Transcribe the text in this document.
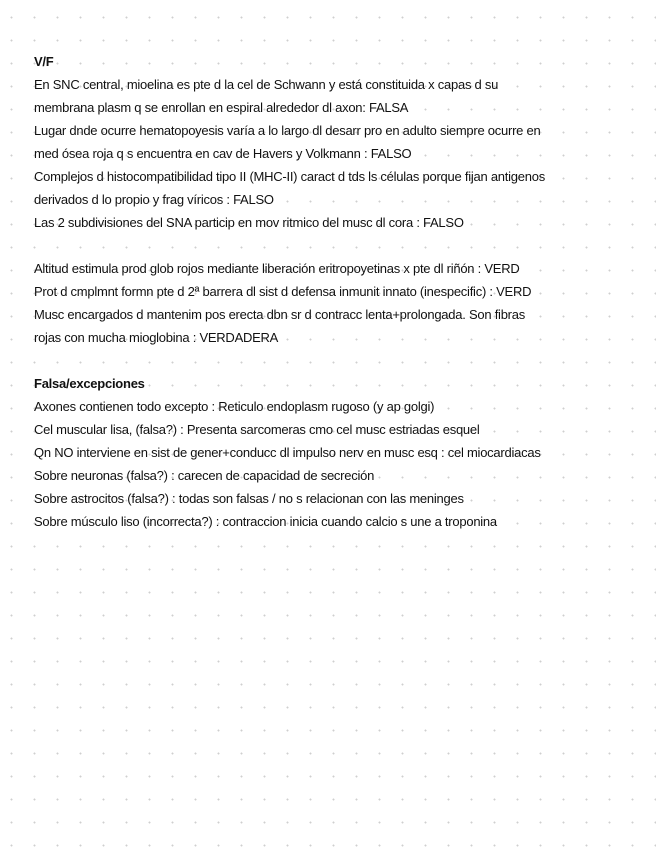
V/F

En SNC central, mioelina es pte d la cel de Schwann y está constituida x capas d su

membrana plasm q se enrollan en espiral alrededor dl axon: FALSA

Lugar dnde ocurre hematopoyesis varía a lo largo dl desarr pro en adulto siempre ocurre en

med ósea roja q s encuentra en cav de Havers y Volkmann : FALSO

Complejos d histocompatibilidad tipo II (MHC-II) caract d tds ls células porque fijan antigenos

derivados d lo propio y frag víricos : FALSO

Las 2 subdivisiones del SNA particip en mov ritmico del musc dl cora : FALSO

Altitud estimula prod glob rojos mediante liberación eritropoyetinas x pte dl riñón : VERD

Prot d cmplmnt formn pte d 2ª barrera dl sist d defensa inmunit innato (inespecific) : VERD

Musc encargados d mantenim pos erecta dbn sr d contracc lenta+prolongada. Son fibras

rojas con mucha mioglobina : VERDADERA

Falsa/excepciones

Axones contienen todo excepto : Reticulo endoplasm rugoso (y ap golgi)

Cel muscular lisa, (falsa?) : Presenta sarcomeras cmo cel musc estriadas esquel

Qn NO interviene en sist de gener+conducc dl impulso nerv en musc esq : cel miocardiacas

Sobre neuronas (falsa?) : carecen de capacidad de secreción

Sobre astrocitos (falsa?) : todas son falsas / no s relacionan con las meninges

Sobre músculo liso (incorrecta?) : contraccion inicia cuando calcio s une a troponina
